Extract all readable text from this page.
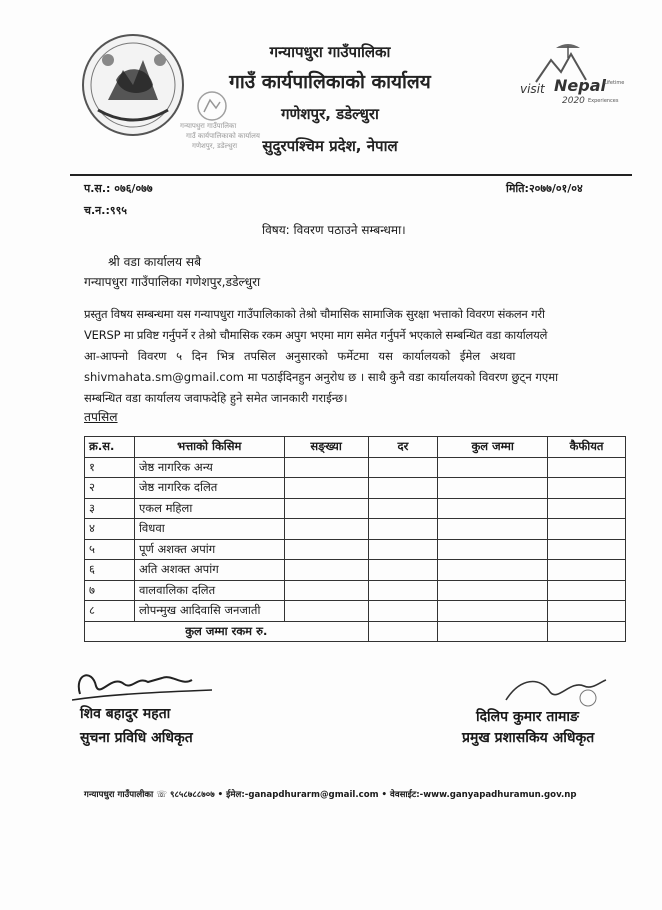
गन्यापधुरा गाउँपालिका
गाउँ कार्यपालिकाको कार्यालय
गणेशपुर, डडेल्धुरा
सुदुरपश्चिम प्रदेश, नेपाल
गन्यापधुरा गाउँपालिका
गाउँ कार्यपालिकाको कार्यालय
गणेशपुर, डडेल्धुरा
visit Nepal
2020
Lifetime
Experiences
प.स.: ०७६/०७७	मिति:२०७७/०१/०४
च.न.:९९५
विषय: विवरण पठाउने सम्बन्धमा।
श्री वडा कार्यालय सबै
गन्यापधुरा गाउँपालिका गणेशपुर,डडेल्धुरा
प्रस्तुत विषय सम्बन्धमा यस गन्यापधुरा गाउँपालिकाको तेश्रो चौमासिक सामाजिक सुरक्षा भत्ताको विवरण संकलन गरी
VERSP मा प्रविष्ट गर्नुपर्ने र तेश्रो चौमासिक रकम अपुग भएमा माग समेत गर्नुपर्ने भएकाले सम्बन्धित वडा कार्यालयले
आ-आफ्नो विवरण ५ दिन भित्र तपसिल अनुसारको फर्मेटमा यस कार्यालयको ईमेल अथवा
shivmahata.sm@gmail.com मा पठाईदिनहुन अनुरोध छ । साथै कुनै वडा कार्यालयको विवरण छुट्न गएमा
सम्बन्धित वडा कार्यालय जवाफदेहि हुने समेत जानकारी गराईन्छ।
तपसिल
क्र.स.	भत्ताको किसिम	सङ्ख्या	दर	कुल जम्मा	कैफीयत
१	जेष्ठ नागरिक अन्य				
२	जेष्ठ नागरिक दलित				
३	एकल महिला				
४	विधवा				
५	पूर्ण अशक्त अपांग				
६	अति अशक्त अपांग				
७	वालवालिका दलित				
८	लोपन्मुख आदिवासि जनजाती				
कुल जम्मा रकम रु.					
शिव बहादुर महता
सुचना प्रविधि अधिकृत
दिलिप कुमार तामाङ
प्रमुख प्रशासकिय अधिकृत
गन्यापधुरा गाउँपालीका ☏ ९८५८७८८७०७ • ईमेल:-ganapdhurarm@gmail.com • वेवसाईट:-www.ganyapadhuramun.gov.np
